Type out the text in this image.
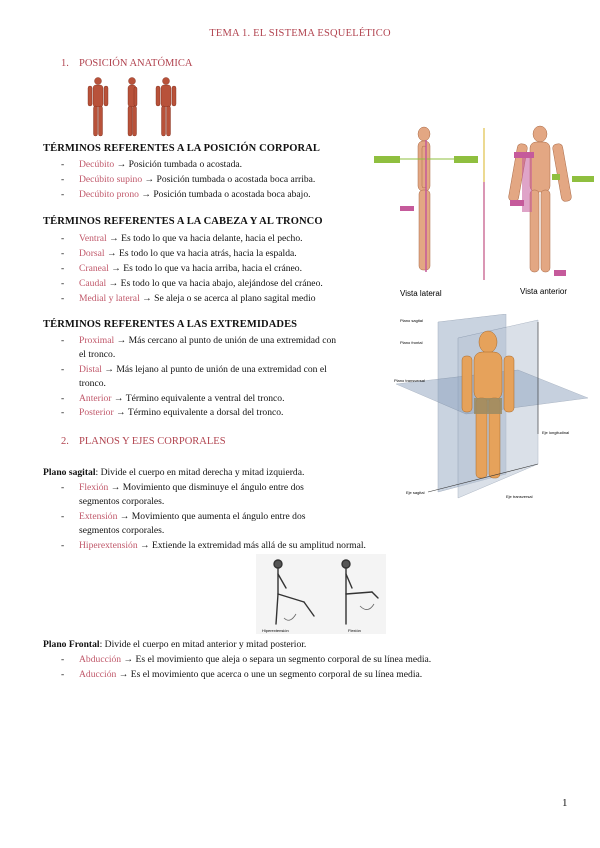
TEMA 1. EL SISTEMA ESQUELÉTICO
1. POSICIÓN ANATÓMICA
TÉRMINOS REFERENTES A LA POSICIÓN CORPORAL
- Decúbito → Posición tumbada o acostada.
- Decúbito supino → Posición tumbada o acostada boca arriba.
- Decúbito prono → Posición tumbada o acostada boca abajo.
TÉRMINOS REFERENTES A LA CABEZA Y AL TRONCO
- Ventral → Es todo lo que va hacia delante, hacia el pecho.
- Dorsal → Es todo lo que va hacia atrás, hacia la espalda.
- Craneal → Es todo lo que va hacia arriba, hacia el cráneo.
- Caudal → Es todo lo que va hacia abajo, alejándose del cráneo.
- Medial y lateral → Se aleja o se acerca al plano sagital medio	Vista lateral	Vista anterior
TÉRMINOS REFERENTES A LAS EXTREMIDADES
- Proximal → Más cercano al punto de unión de una extremidad con
el tronco.
- Distal → Más lejano al punto de unión de una extremidad con el
tronco.
- Anterior → Término equivalente a ventral del tronco.
- Posterior → Término equivalente a dorsal del tronco.
Plano sagital
Plano frontal
Plano transversal
Eje longitudinal
Eje sagital
Eje transversal
2. PLANOS Y EJES CORPORALES
Plano sagital: Divide el cuerpo en mitad derecha y mitad izquierda.
- Flexión → Movimiento que disminuye el ángulo entre dos
segmentos corporales.
- Extensión → Movimiento que aumenta el ángulo entre dos
segmentos corporales.
- Hiperextensión → Extiende la extremidad más allá de su amplitud normal.
Hiperextensión	Flexión
Plano Frontal: Divide el cuerpo en mitad anterior y mitad posterior.
- Abducción → Es el movimiento que aleja o separa un segmento corporal de su línea media.
- Aducción → Es el movimiento que acerca o une un segmento corporal de su línea media.
1
